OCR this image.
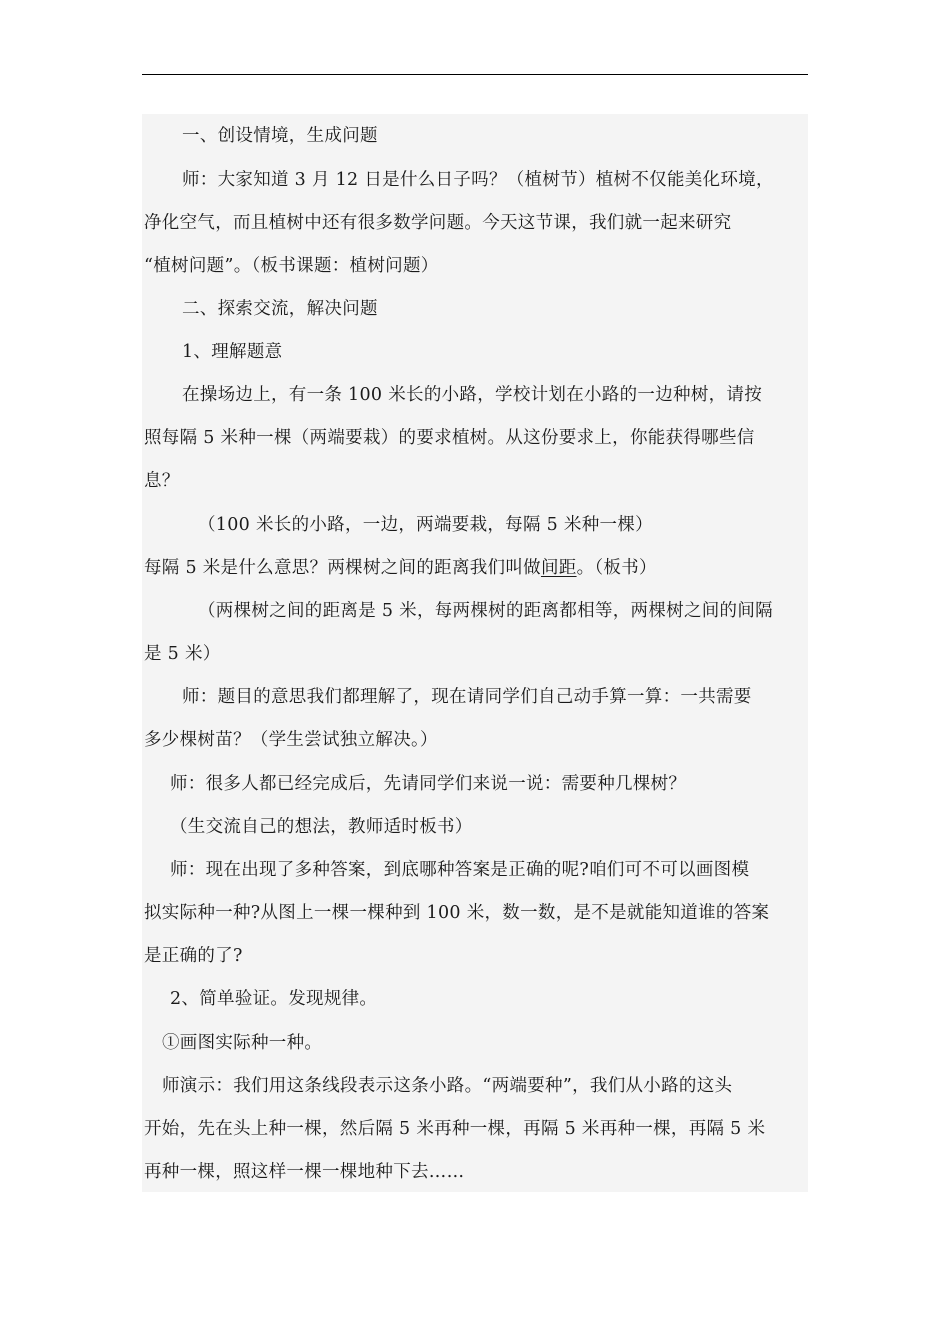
一、创设情境，生成问题
师：大家知道 3 月 12 日是什么日子吗？（植树节）植树不仅能美化环境，
净化空气，而且植树中还有很多数学问题。今天这节课，我们就一起来研究
“植树问题”。（板书课题：植树问题）
二、探索交流，解决问题
1、理解题意
在操场边上，有一条 100 米长的小路，学校计划在小路的一边种树，请按
照每隔 5 米种一棵（两端要栽）的要求植树。从这份要求上，你能获得哪些信
息？
（100 米长的小路，一边，两端要栽，每隔 5 米种一棵）
每隔 5 米是什么意思？两棵树之间的距离我们叫做间距。（板书）
（两棵树之间的距离是 5 米，每两棵树的距离都相等，两棵树之间的间隔
是 5 米）
师：题目的意思我们都理解了，现在请同学们自己动手算一算：一共需要
多少棵树苗？（学生尝试独立解决。）
师：很多人都已经完成后，先请同学们来说一说：需要种几棵树？
（生交流自己的想法，教师适时板书）
师：现在出现了多种答案，到底哪种答案是正确的呢?咱们可不可以画图模
拟实际种一种?从图上一棵一棵种到 100 米，数一数，是不是就能知道谁的答案
是正确的了?
2、简单验证。发现规律。
①画图实际种一种。
师演示：我们用这条线段表示这条小路。“两端要种”，我们从小路的这头
开始，先在头上种一棵，然后隔 5 米再种一棵，再隔 5 米再种一棵，再隔 5 米
再种一棵，照这样一棵一棵地种下去……
